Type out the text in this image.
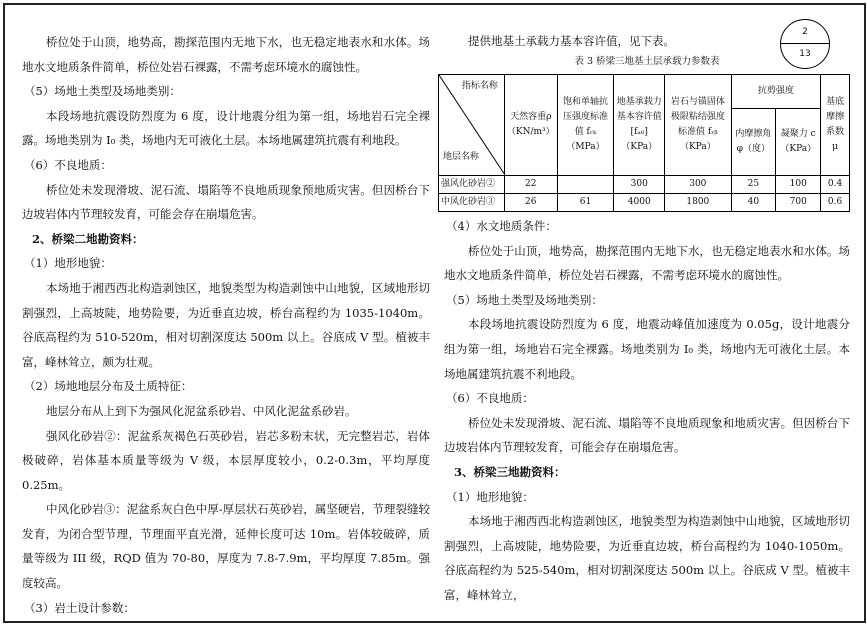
2
13

桥位处于山顶，地势高，勘探范围内无地下水，也无稳定地表水和水体。场地水文地质条件简单，桥位处岩石裸露，不需考虑环境水的腐蚀性。

（5）场地土类型及场地类别：

本段场地抗震设防烈度为 6 度，设计地震分组为第一组，场地岩石完全裸露。场地类别为 I₀ 类，场地内无可液化土层。本场地属建筑抗震有利地段。

（6）不良地质：

桥位处未发现滑坡、泥石流、塌陷等不良地质现象预地质灾害。但因桥台下边坡岩体内节理较发育，可能会存在崩塌危害。

2、桥梁二地勘资料：

（1）地形地貌：

本场地于湘西西北构造剥蚀区，地貌类型为构造剥蚀中山地貌，区域地形切割强烈，上高坡陡，地势险要，为近垂直边坡，桥台高程约为 1035-1040m。谷底高程约为 510-520m，相对切割深度达 500m 以上。谷底成 V 型。植被丰富，峰林耸立，颇为壮观。

（2）场地地层分布及土质特征：

地层分布从上到下为强风化泥盆系砂岩、中风化泥盆系砂岩。

强风化砂岩②：泥盆系灰褐色石英砂岩，岩芯多粉末状，无完整岩芯，岩体极破碎，岩体基本质量等级为 V 级，本层厚度较小，0.2-0.3m，平均厚度 0.25m。

中风化砂岩③：泥盆系灰白色中厚-厚层状石英砂岩，属坚硬岩，节理裂缝较发育，为闭合型节理，节理面平直光滑，延伸长度可达 10m。岩体较破碎，质量等级为 III 级，RQD 值为 70-80，厚度为 7.8-7.9m，平均厚度 7.85m。强度较高。

（3）岩土设计参数：

提供地基土承载力基本容许值，见下表。

表 3 桥梁三地基土层承载力参数表

指标名称
地层名称	天然容重ρ（KN/m³）	饱和单轴抗压强度标准值 fᵣₖ（MPa）	地基承载力基本容许值[fₐ₀]（KPa）	岩石与锚固体极限粘结强度标准值 fᵣᵦ（KPa）	抗剪强度		基底摩擦系数 μ
					内摩擦角 φ（度）	凝聚力 c（KPa）	
强风化砂岩②	22		300	300	25	100	0.4
中风化砂岩③	26	61	4000	1800	40	700	0.6

（4）水文地质条件：

桥位处于山顶，地势高，勘探范围内无地下水，也无稳定地表水和水体。场地水文地质条件简单，桥位处岩石裸露，不需考虑环境水的腐蚀性。

（5）场地土类型及场地类别：

本段场地抗震设防烈度为 6 度，地震动峰值加速度为 0.05g，设计地震分组为第一组，场地岩石完全裸露。场地类别为 I₀ 类，场地内无可液化土层。本场地属建筑抗震不利地段。

（6）不良地质：

桥位处未发现滑坡、泥石流、塌陷等不良地质现象和地质灾害。但因桥台下边坡岩体内节理较发育，可能会存在崩塌危害。

3、桥梁三地勘资料：

（1）地形地貌：

本场地于湘西西北构造剥蚀区，地貌类型为构造剥蚀中山地貌，区域地形切割强烈，上高坡陡，地势险要，为近垂直边坡，桥台高程约为 1040-1050m。谷底高程约为 525-540m，相对切割深度达 500m 以上。谷底成 V 型。植被丰富，峰林耸立，
